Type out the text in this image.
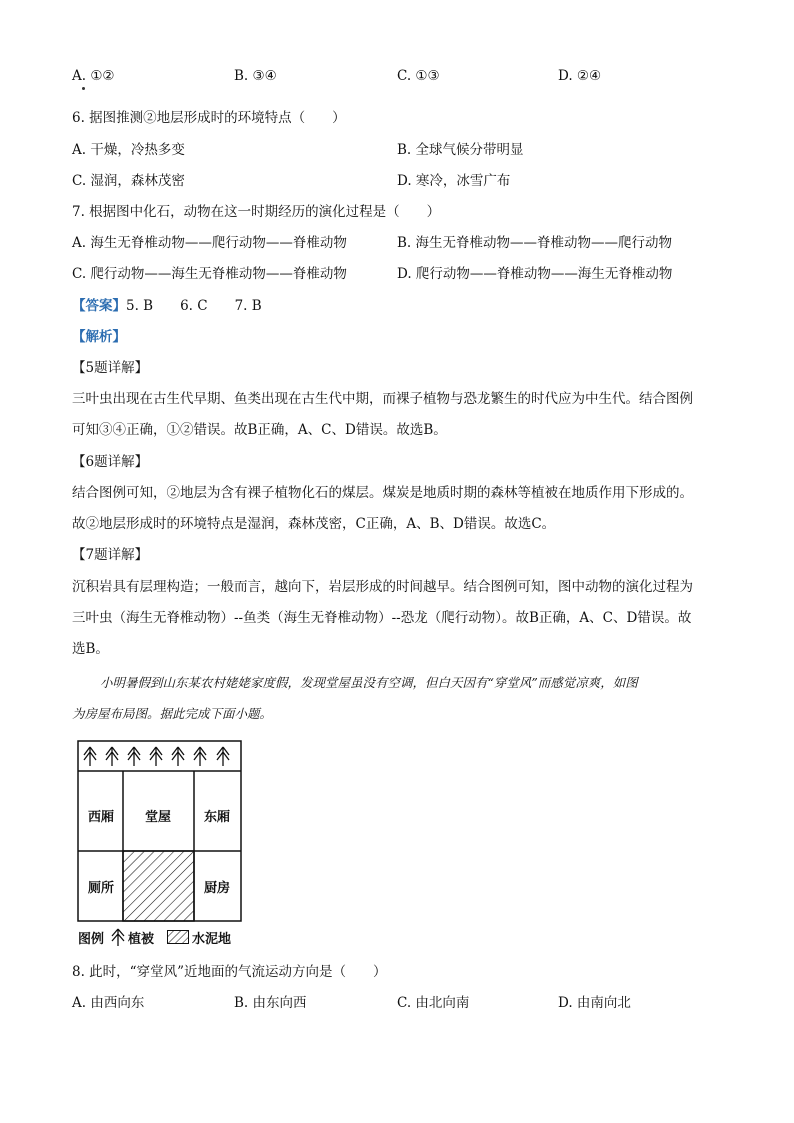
A. ①②	B. ③④	C. ①③	D. ②④
6. 据图推测②地层形成时的环境特点（　　）
A. 干燥，冷热多变	B. 全球气候分带明显
C. 湿润，森林茂密	D. 寒冷，冰雪广布
7. 根据图中化石，动物在这一时期经历的演化过程是（　　）
A. 海生无脊椎动物——爬行动物——脊椎动物	B. 海生无脊椎动物——脊椎动物——爬行动物
C. 爬行动物——海生无脊椎动物——脊椎动物	D. 爬行动物——脊椎动物——海生无脊椎动物
【答案】5. B　　6. C　　7. B
【解析】
【5题详解】
三叶虫出现在古生代早期、鱼类出现在古生代中期，而裸子植物与恐龙繁生的时代应为中生代。结合图例
可知③④正确，①②错误。故B正确，A、C、D错误。故选B。
【6题详解】
结合图例可知，②地层为含有裸子植物化石的煤层。煤炭是地质时期的森林等植被在地质作用下形成的。
故②地层形成时的环境特点是湿润，森林茂密，C正确，A、B、D错误。故选C。
【7题详解】
沉积岩具有层理构造；一般而言，越向下，岩层形成的时间越早。结合图例可知，图中动物的演化过程为
三叶虫（海生无脊椎动物）--鱼类（海生无脊椎动物）--恐龙（爬行动物）。故B正确，A、C、D错误。故
选B。
小明暑假到山东某农村姥姥家度假，发现堂屋虽没有空调，但白天因有“穿堂风”而感觉凉爽，如图
为房屋布局图。据此完成下面小题。
西厢 堂屋	东厢
厕所	厨房
图例 植被	水泥地
8. 此时，“穿堂风”近地面的气流运动方向是（　　）
A. 由西向东	B. 由东向西	C. 由北向南	D. 由南向北
